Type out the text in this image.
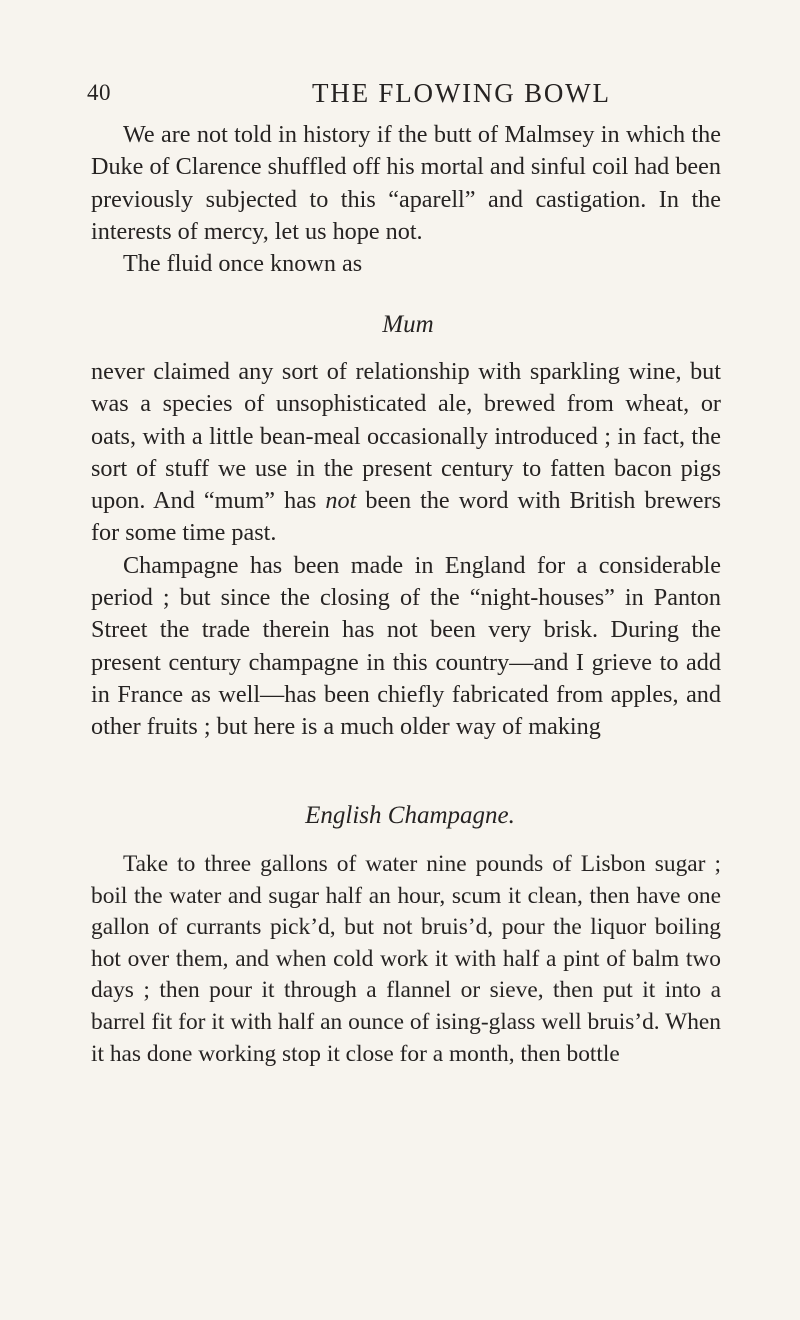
40	THE FLOWING BOWL

We are not told in history if the butt of Malmsey in which the Duke of Clarence shuffled off his mortal and sinful coil had been previously subjected to this “aparell” and castigation. In the interests of mercy, let us hope not.

The fluid once known as

Mum

never claimed any sort of relationship with sparkling wine, but was a species of unsophisticated ale, brewed from wheat, or oats, with a little bean-meal occasionally introduced ; in fact, the sort of stuff we use in the present century to fatten bacon pigs upon. And “mum” has not been the word with British brewers for some time past.

Champagne has been made in England for a considerable period ; but since the closing of the “night-houses” in Panton Street the trade therein has not been very brisk. During the present century champagne in this country—and I grieve to add in France as well—has been chiefly fabricated from apples, and other fruits ; but here is a much older way of making

English Champagne.

Take to three gallons of water nine pounds of Lisbon sugar ; boil the water and sugar half an hour, scum it clean, then have one gallon of currants pick’d, but not bruis’d, pour the liquor boiling hot over them, and when cold work it with half a pint of balm two days ; then pour it through a flannel or sieve, then put it into a barrel fit for it with half an ounce of ising-glass well bruis’d. When it has done working stop it close for a month, then bottle
